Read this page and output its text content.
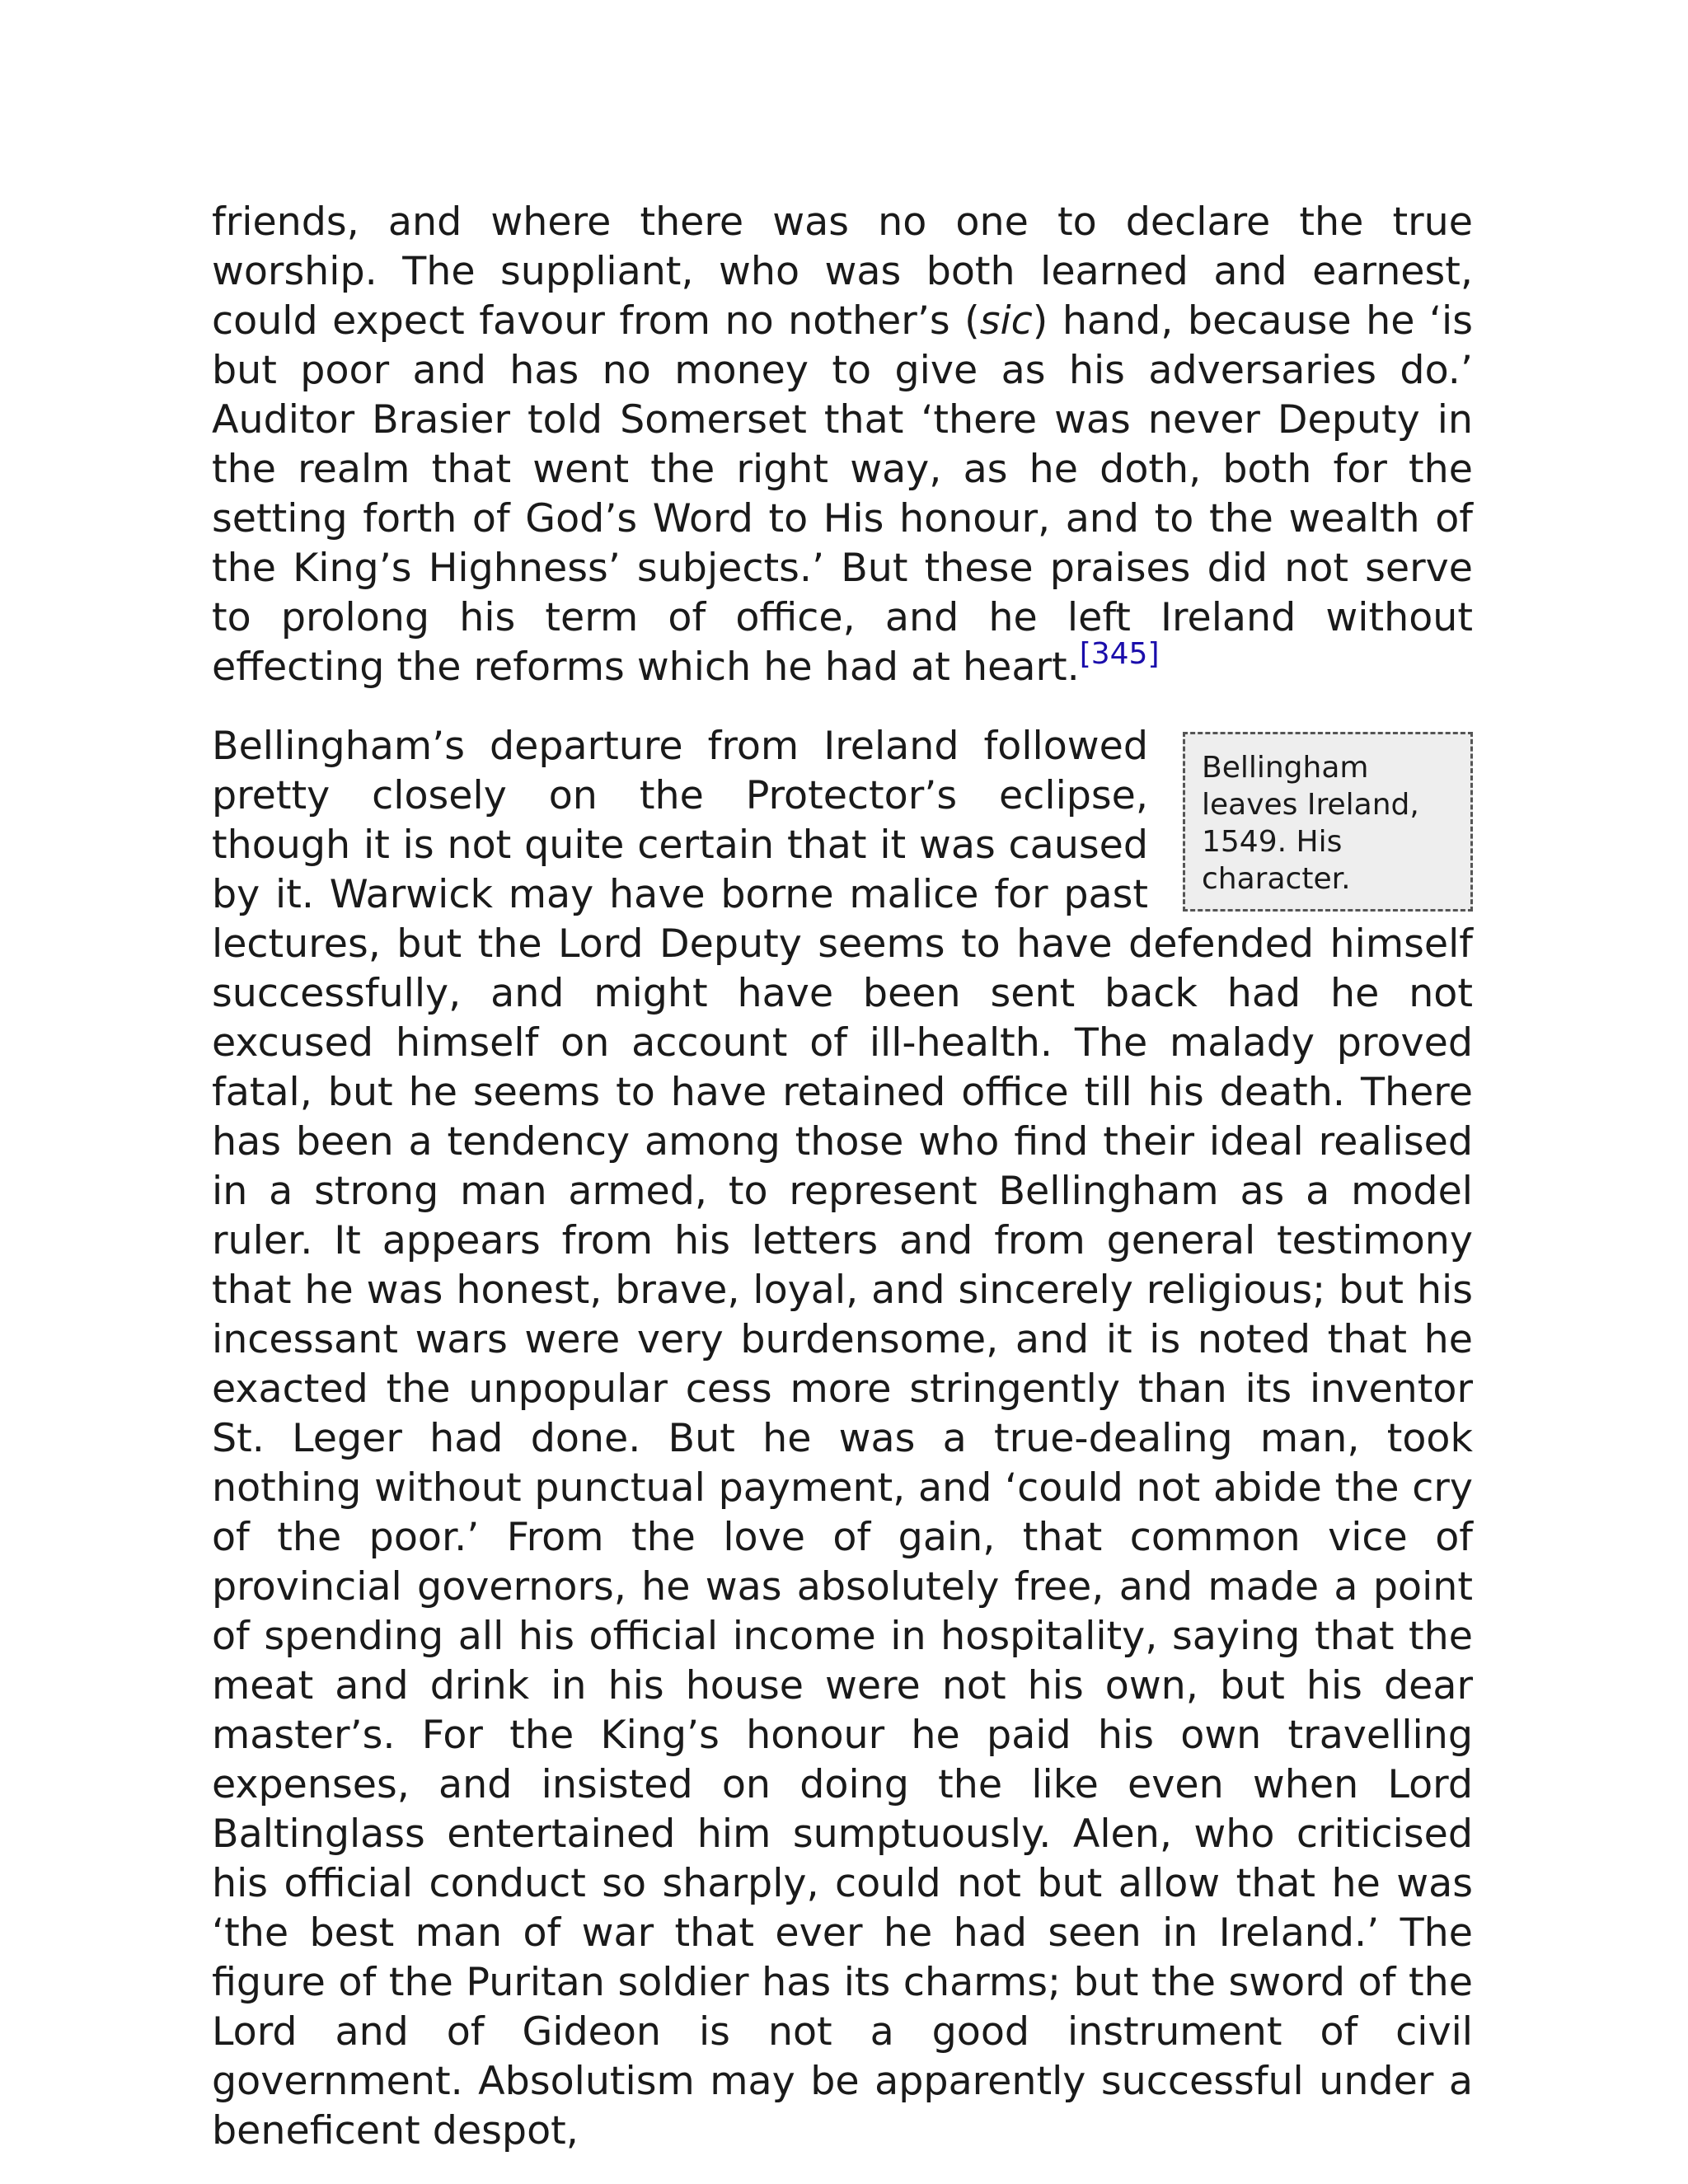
friends, and where there was no one to declare the true worship. The suppliant, who was both learned and earnest, could expect favour from no nother’s (sic) hand, because he ‘is but poor and has no money to give as his adversaries do.’ Auditor Brasier told Somerset that ‘there was never Deputy in the realm that went the right way, as he doth, both for the setting forth of God’s Word to His honour, and to the wealth of the King’s Highness’ subjects.’ But these praises did not serve to prolong his term of office, and he left Ireland without effecting the reforms which he had at heart.[345]

Bellingham leaves Ireland, 1549. His character.
Bellingham’s departure from Ireland followed pretty closely on the Protector’s eclipse, though it is not quite certain that it was caused by it. Warwick may have borne malice for past lectures, but the Lord Deputy seems to have defended himself successfully, and might have been sent back had he not excused himself on account of ill-health. The malady proved fatal, but he seems to have retained office till his death. There has been a tendency among those who find their ideal realised in a strong man armed, to represent Bellingham as a model ruler. It appears from his letters and from general testimony that he was honest, brave, loyal, and sincerely religious; but his incessant wars were very burdensome, and it is noted that he exacted the unpopular cess more stringently than its inventor St. Leger had done. But he was a true-dealing man, took nothing without punctual payment, and ‘could not abide the cry of the poor.’ From the love of gain, that common vice of provincial governors, he was absolutely free, and made a point of spending all his official income in hospitality, saying that the meat and drink in his house were not his own, but his dear master’s. For the King’s honour he paid his own travelling expenses, and insisted on doing the like even when Lord Baltinglass entertained him sumptuously. Alen, who criticised his official conduct so sharply, could not but allow that he was ‘the best man of war that ever he had seen in Ireland.’ The figure of the Puritan soldier has its charms; but the sword of the Lord and of Gideon is not a good instrument of civil government. Absolutism may be apparently successful under a beneficent despot,
